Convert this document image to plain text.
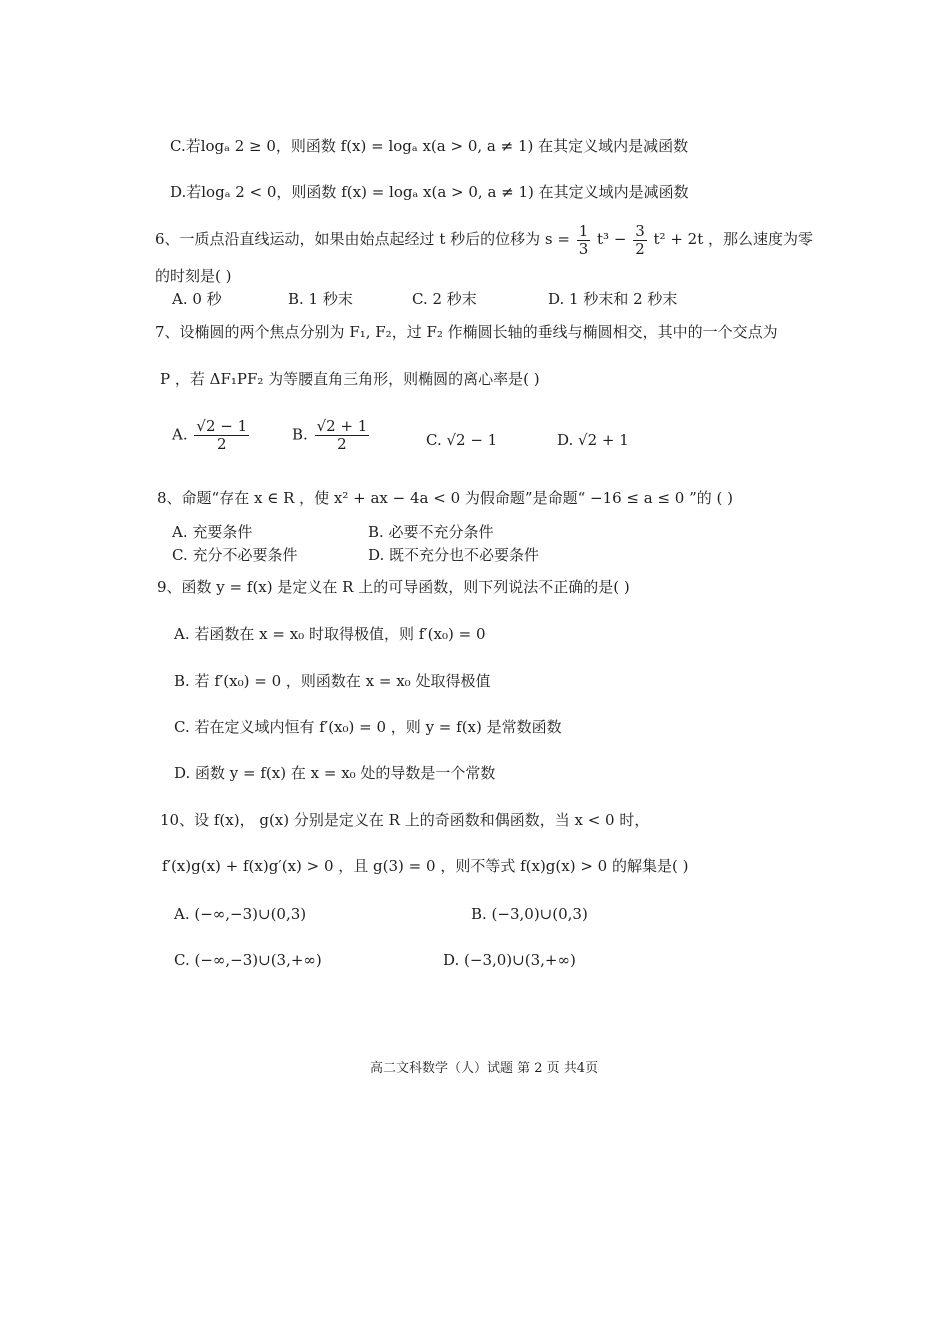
C.若logₐ 2 ≥ 0，则函数 f(x) = logₐ x(a > 0, a ≠ 1) 在其定义域内是减函数
D.若logₐ 2 < 0，则函数 f(x) = logₐ x(a > 0, a ≠ 1) 在其定义域内是减函数
6、一质点沿直线运动，如果由始点起经过 t 秒后的位移为 $s = \frac{1}{3} t^3 - \frac{3}{2} t^2 + 2t$ ，那么速度为零
的时刻是( )
A. 0 秒	B. 1 秒末	C. 2 秒末	D. 1 秒末和 2 秒末
7、设椭圆的两个焦点分别为 F₁, F₂，过 F₂ 作椭圆长轴的垂线与椭圆相交，其中的一个交点为
P ，若 ΔF₁PF₂ 为等腰直角三角形，则椭圆的离心率是( )
A. $\frac{√2 - 1}{2}$	B. $\frac{√2 + 1}{2}$	C. √2 − 1	D. √2 + 1
8、命题“存在 x ∈ R ，使 x² + ax − 4a < 0 为假命题”是命题“ −16 ≤ a ≤ 0 ”的 ( )
A. 充要条件	B. 必要不充分条件
C. 充分不必要条件	D. 既不充分也不必要条件
9、函数 y = f(x) 是定义在 R 上的可导函数，则下列说法不正确的是( )
A. 若函数在 x = x₀ 时取得极值，则 f′(x₀) = 0
B. 若 f′(x₀) = 0 ，则函数在 x = x₀ 处取得极值
C. 若在定义域内恒有 f′(x₀) = 0 ，则 y = f(x) 是常数函数
D. 函数 y = f(x) 在 x = x₀ 处的导数是一个常数
10、设 f(x)， g(x) 分别是定义在 R 上的奇函数和偶函数，当 x < 0 时，
f′(x)g(x) + f(x)g′(x) > 0 ，且 g(3) = 0 ，则不等式 f(x)g(x) > 0 的解集是( )
A. (−∞,−3)∪(0,3)	B. (−3,0)∪(0,3)
C. (−∞,−3)∪(3,+∞)	D. (−3,0)∪(3,+∞)
高二文科数学（人）试题 第 2 页 共4页
